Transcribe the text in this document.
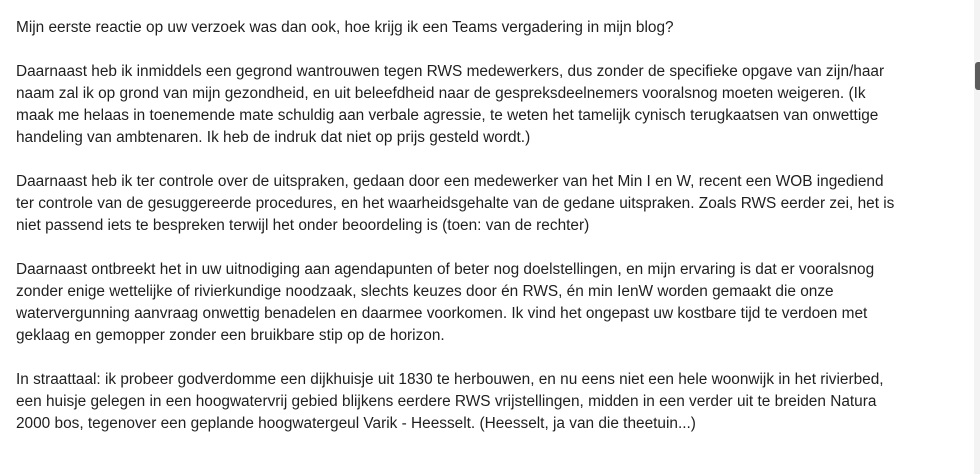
Mijn eerste reactie op uw verzoek was dan ook, hoe krijg ik een Teams vergadering in mijn blog?
Daarnaast heb ik inmiddels een gegrond wantrouwen tegen RWS medewerkers, dus zonder de specifieke opgave van zijn/haar
naam zal ik op grond van mijn gezondheid, en uit beleefdheid naar de gespreksdeelnemers vooralsnog moeten weigeren. (Ik
maak me helaas in toenemende mate schuldig aan verbale agressie, te weten het tamelijk cynisch terugkaatsen van onwettige
handeling van ambtenaren. Ik heb de indruk dat niet op prijs gesteld wordt.)
Daarnaast heb ik ter controle over de uitspraken, gedaan door een medewerker van het Min I en W, recent een WOB ingediend
ter controle van de gesuggereerde procedures, en het waarheidsgehalte van de gedane uitspraken. Zoals RWS eerder zei, het is
niet passend iets te bespreken terwijl het onder beoordeling is (toen: van de rechter)
Daarnaast ontbreekt het in uw uitnodiging aan agendapunten of beter nog doelstellingen, en mijn ervaring is dat er vooralsnog
zonder enige wettelijke of rivierkundige noodzaak, slechts keuzes door én RWS, én min IenW worden gemaakt die onze
watervergunning aanvraag onwettig benadelen en daarmee voorkomen. Ik vind het ongepast uw kostbare tijd te verdoen met
geklaag en gemopper zonder een bruikbare stip op de horizon.
In straattaal: ik probeer godverdomme een dijkhuisje uit 1830 te herbouwen, en nu eens niet een hele woonwijk in het rivierbed,
een huisje gelegen in een hoogwatervrij gebied blijkens eerdere RWS vrijstellingen, midden in een verder uit te breiden Natura
2000 bos, tegenover een geplande hoogwatergeul Varik - Heesselt. (Heesselt, ja van die theetuin...)
